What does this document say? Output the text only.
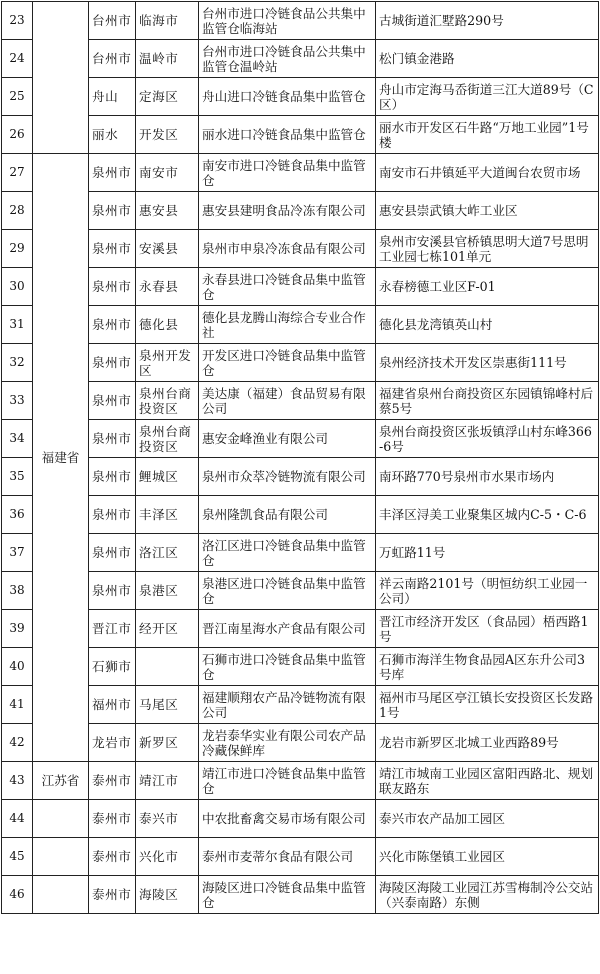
23		台州市	临海市	台州市进口冷链食品公共集中监管仓临海站	古城街道汇墅路290号
24		台州市	温岭市	台州市进口冷链食品公共集中监管仓温岭站	松门镇金港路
25		舟山	定海区	舟山进口冷链食品集中监管仓	舟山市定海马岙街道三江大道89号（C区）
26		丽水	开发区	丽水进口冷链食品集中监管仓	丽水市开发区石牛路“万地工业园”1号楼
27	福建省	泉州市	南安市	南安市进口冷链食品集中监管仓	南安市石井镇延平大道闽台农贸市场
28		泉州市	惠安县	惠安县建明食品冷冻有限公司	惠安县崇武镇大岞工业区
29		泉州市	安溪县	泉州市申泉冷冻食品有限公司	泉州市安溪县官桥镇思明大道7号思明工业园七栋101单元
30		泉州市	永春县	永春县进口冷链食品集中监管仓	永春榜德工业区F-01
31		泉州市	德化县	德化县龙腾山海综合专业合作社	德化县龙湾镇英山村
32		泉州市	泉州开发区	开发区进口冷链食品集中监管仓	泉州经济技术开发区崇惠街111号
33		泉州市	泉州台商投资区	美达康（福建）食品贸易有限公司	福建省泉州台商投资区东园镇锦峰村后蔡5号
34		泉州市	泉州台商投资区	惠安金峰渔业有限公司	泉州台商投资区张坂镇浮山村东峰366-6号
35		泉州市	鲤城区	泉州市众萃冷链物流有限公司	南环路770号泉州市水果市场内
36		泉州市	丰泽区	泉州隆凯食品有限公司	丰泽区浔美工业聚集区城内C-5・C-6
37		泉州市	洛江区	洛江区进口冷链食品集中监管仓	万虹路11号
38		泉州市	泉港区	泉港区进口冷链食品集中监管仓	祥云南路2101号（明恒纺织工业园一公司）
39		晋江市	经开区	晋江南星海水产食品有限公司	晋江市经济开发区（食品园）梧西路1号
40		石狮市		石狮市进口冷链食品集中监管仓	石狮市海洋生物食品园A区东升公司3号库
41		福州市	马尾区	福建顺翔农产品冷链物流有限公司	福州市马尾区亭江镇长安投资区长发路1号
42		龙岩市	新罗区	龙岩泰华实业有限公司农产品冷藏保鲜库	龙岩市新罗区北城工业西路89号
43	江苏省	泰州市	靖江市	靖江市进口冷链食品集中监管仓	靖江市城南工业园区富阳西路北、规划联友路东
44		泰州市	泰兴市	中农批畜禽交易市场有限公司	泰兴市农产品加工园区
45		泰州市	兴化市	泰州市麦蒂尔食品有限公司	兴化市陈堡镇工业园区
46		泰州市	海陵区	海陵区进口冷链食品集中监管仓	海陵区海陵工业园江苏雪梅制冷公交站（兴泰南路）东侧
